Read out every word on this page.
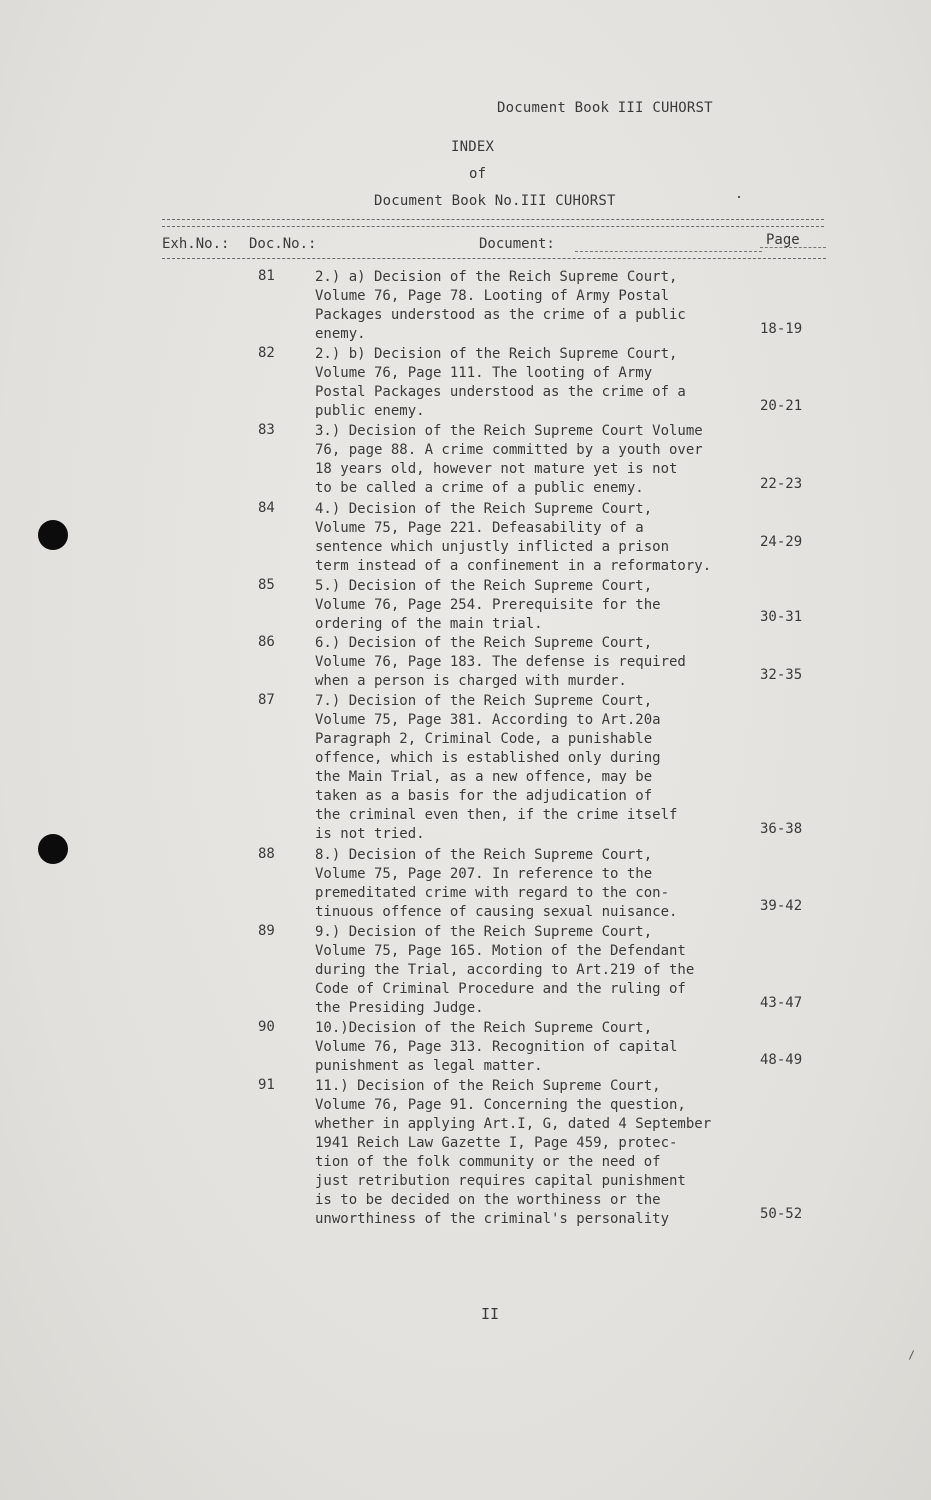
Document Book III CUHORST
INDEX
of
Document Book No.III CUHORST
Exh.No.: Doc.No.:	Document:	Page
81	2.) a) Decision of the Reich Supreme Court,
Volume 76, Page 78. Looting of Army Postal
Packages understood as the crime of a public
enemy.	18-19
82	2.) b) Decision of the Reich Supreme Court,
Volume 76, Page 111. The looting of Army
Postal Packages understood as the crime of a
public enemy.	20-21
83	3.) Decision of the Reich Supreme Court Volume
76, page 88. A crime committed by a youth over
18 years old, however not mature yet is not
to be called a crime of a public enemy.	22-23
84	4.) Decision of the Reich Supreme Court,
Volume 75, Page 221. Defeasability of a
sentence which unjustly inflicted a prison
term instead of a confinement in a reformatory.
24-29
85	5.) Decision of the Reich Supreme Court,
Volume 76, Page 254. Prerequisite for the
ordering of the main trial.	30-31
86	6.) Decision of the Reich Supreme Court,
Volume 76, Page 183. The defense is required
when a person is charged with murder.	32-35
87	7.) Decision of the Reich Supreme Court,
Volume 75, Page 381. According to Art.20a
Paragraph 2, Criminal Code, a punishable
offence, which is established only during
the Main Trial, as a new offence, may be
taken as a basis for the adjudication of
the criminal even then, if the crime itself
is not tried.	36-38
88	8.) Decision of the Reich Supreme Court,
Volume 75, Page 207. In reference to the
premeditated crime with regard to the con-
tinuous offence of causing sexual nuisance.	39-42
89	9.) Decision of the Reich Supreme Court,
Volume 75, Page 165. Motion of the Defendant
during the Trial, according to Art.219 of the
Code of Criminal Procedure and the ruling of
the Presiding Judge.	43-47
90	10.)Decision of the Reich Supreme Court,
Volume 76, Page 313. Recognition of capital
punishment as legal matter.	48-49
91	11.) Decision of the Reich Supreme Court,
Volume 76, Page 91. Concerning the question,
whether in applying Art.I, G, dated 4 September
1941 Reich Law Gazette I, Page 459, protec-
tion of the folk community or the need of
just retribution requires capital punishment
is to be decided on the worthiness or the
unworthiness of the criminal's personality	50-52
II
